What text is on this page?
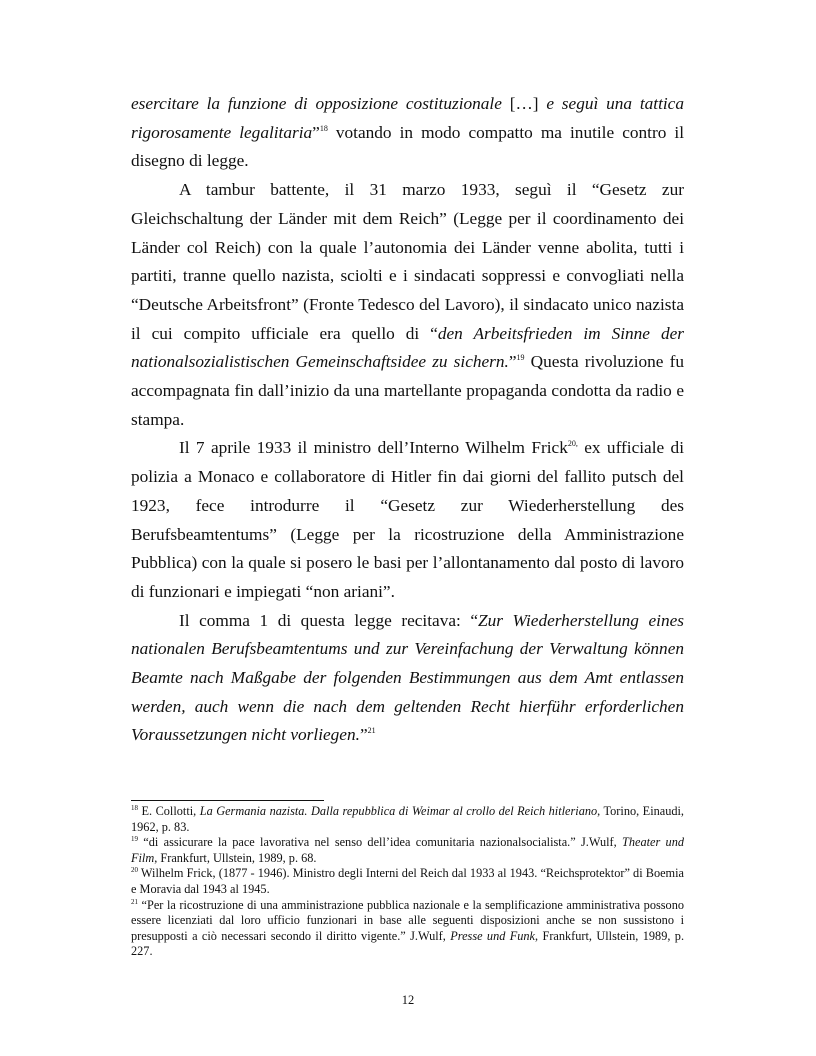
esercitare la funzione di opposizione costituzionale […] e seguì una tattica rigorosamente legalitaria”$^{18}$ votando in modo compatto ma inutile contro il disegno di legge.

A tambur battente, il 31 marzo 1933, seguì il “Gesetz zur Gleichschaltung der Länder mit dem Reich” (Legge per il coordinamento dei Länder col Reich) con la quale l’autonomia dei Länder venne abolita, tutti i partiti, tranne quello nazista, sciolti e i sindacati soppressi e convogliati nella “Deutsche Arbeitsfront” (Fronte Tedesco del Lavoro), il sindacato unico nazista il cui compito ufficiale era quello di “den Arbeitsfrieden im Sinne der nationalsozialistischen Gemeinschaftsidee zu sichern.”$^{19}$ Questa rivoluzione fu accompagnata fin dall’inizio da una martellante propaganda condotta da radio e stampa.

Il 7 aprile 1933 il ministro dell’Interno Wilhelm Frick$^{20,}$ ex ufficiale di polizia a Monaco e collaboratore di Hitler fin dai giorni del fallito putsch del 1923, fece introdurre il “Gesetz zur Wiederherstellung des Berufsbeamtentums” (Legge per la ricostruzione della Amministrazione Pubblica) con la quale si posero le basi per l’allontanamento dal posto di lavoro di funzionari e impiegati “non ariani”.

Il comma 1 di questa legge recitava: “Zur Wiederherstellung eines nationalen Berufsbeamtentums und zur Vereinfachung der Verwaltung können Beamte nach Maßgabe der folgenden Bestimmungen aus dem Amt entlassen werden, auch wenn die nach dem geltenden Recht hierführ erforderlichen Voraussetzungen nicht vorliegen.”$^{21}$

$^{18}$ E. Collotti, La Germania nazista. Dalla repubblica di Weimar al crollo del Reich hitleriano, Torino, Einaudi, 1962, p. 83.

$^{19}$ “di assicurare la pace lavorativa nel senso dell’idea comunitaria nazionalsocialista.” J.Wulf, Theater und Film, Frankfurt, Ullstein, 1989, p. 68.

$^{20}$ Wilhelm Frick, (1877 - 1946). Ministro degli Interni del Reich dal 1933 al 1943. “Reichsprotektor” di Boemia e Moravia dal 1943 al 1945.

$^{21}$ “Per la ricostruzione di una amministrazione pubblica nazionale e la semplificazione amministrativa possono essere licenziati dal loro ufficio funzionari in base alle seguenti disposizioni anche se non sussistono i presupposti a ciò necessari secondo il diritto vigente.” J.Wulf, Presse und Funk, Frankfurt, Ullstein, 1989, p. 227.

12
